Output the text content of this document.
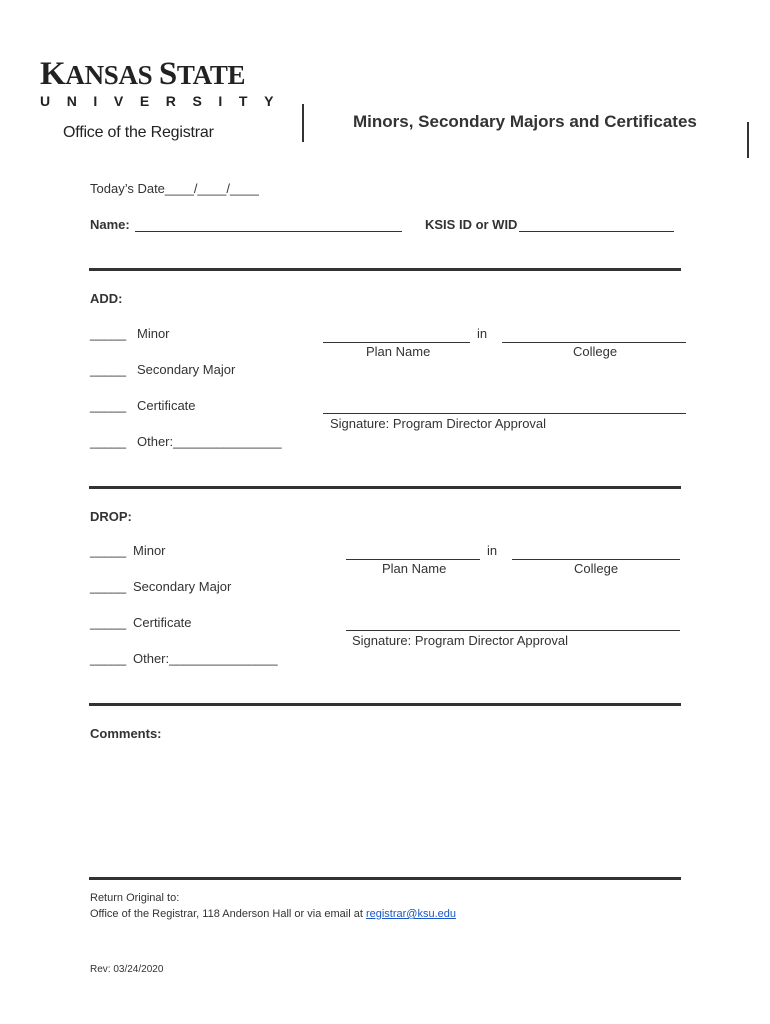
KANSAS STATE
UNIVERSITY
Office of the Registrar
Minors, Secondary Majors and Certificates
Today’s Date____/____/____
Name:	KSIS ID or WID
ADD:
_____ Minor
_____ Secondary Major
_____ Certificate
_____ Other:_______________
in
Plan Name	College
Signature: Program Director Approval
DROP:
_____ Minor
_____ Secondary Major
_____ Certificate
_____ Other:_______________
in
Plan Name	College
Signature: Program Director Approval
Comments:
Return Original to:
Office of the Registrar, 118 Anderson Hall or via email at registrar@ksu.edu
Rev: 03/24/2020
